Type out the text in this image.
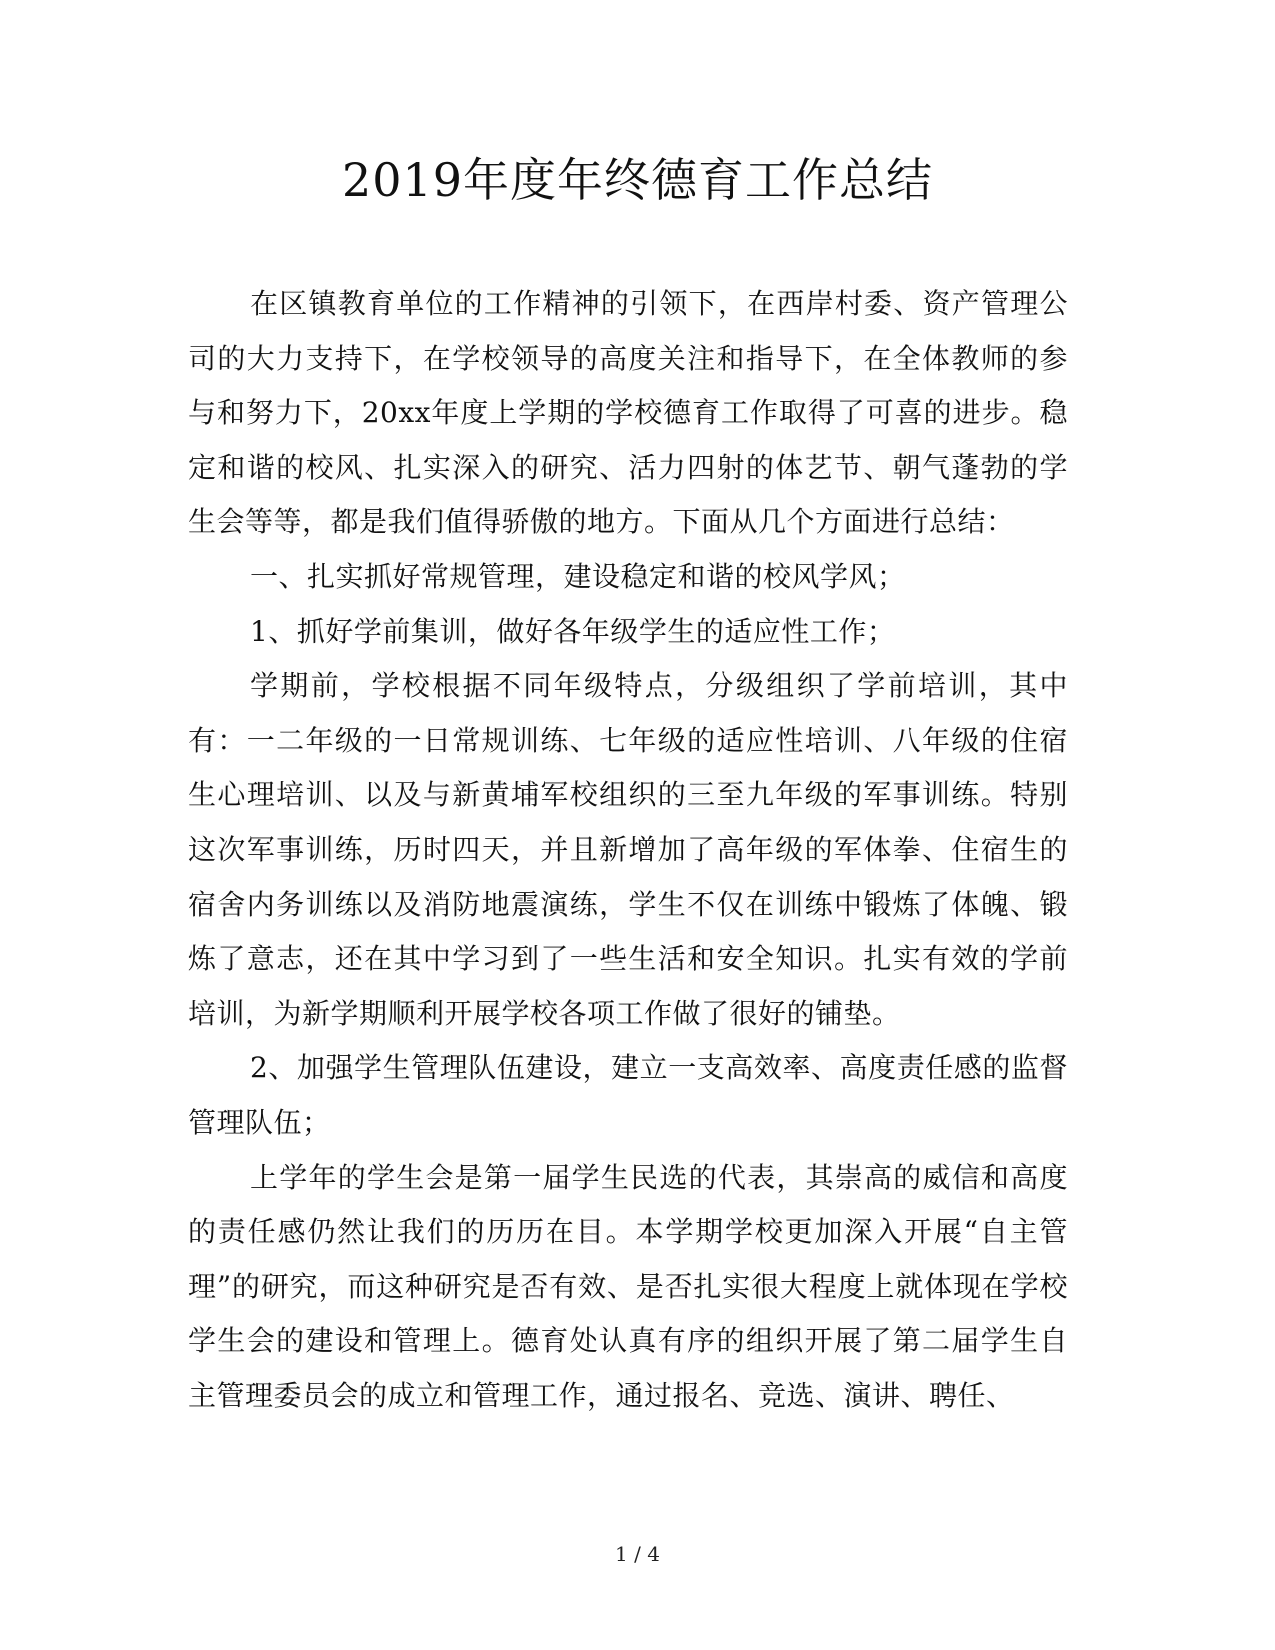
2019年度年终德育工作总结

在区镇教育单位的工作精神的引领下，在西岸村委、资产管理公司的大力支持下，在学校领导的高度关注和指导下，在全体教师的参与和努力下，20xx年度上学期的学校德育工作取得了可喜的进步。稳定和谐的校风、扎实深入的研究、活力四射的体艺节、朝气蓬勃的学生会等等，都是我们值得骄傲的地方。下面从几个方面进行总结：

一、扎实抓好常规管理，建设稳定和谐的校风学风；

1、抓好学前集训，做好各年级学生的适应性工作；

学期前，学校根据不同年级特点，分级组织了学前培训，其中有：一二年级的一日常规训练、七年级的适应性培训、八年级的住宿生心理培训、以及与新黄埔军校组织的三至九年级的军事训练。特别这次军事训练，历时四天，并且新增加了高年级的军体拳、住宿生的宿舍内务训练以及消防地震演练，学生不仅在训练中锻炼了体魄、锻炼了意志，还在其中学习到了一些生活和安全知识。扎实有效的学前培训，为新学期顺利开展学校各项工作做了很好的铺垫。

2、加强学生管理队伍建设，建立一支高效率、高度责任感的监督管理队伍；

上学年的学生会是第一届学生民选的代表，其崇高的威信和高度的责任感仍然让我们的历历在目。本学期学校更加深入开展“自主管理”的研究，而这种研究是否有效、是否扎实很大程度上就体现在学校学生会的建设和管理上。德育处认真有序的组织开展了第二届学生自主管理委员会的成立和管理工作，通过报名、竞选、演讲、聘任、

1 / 4
